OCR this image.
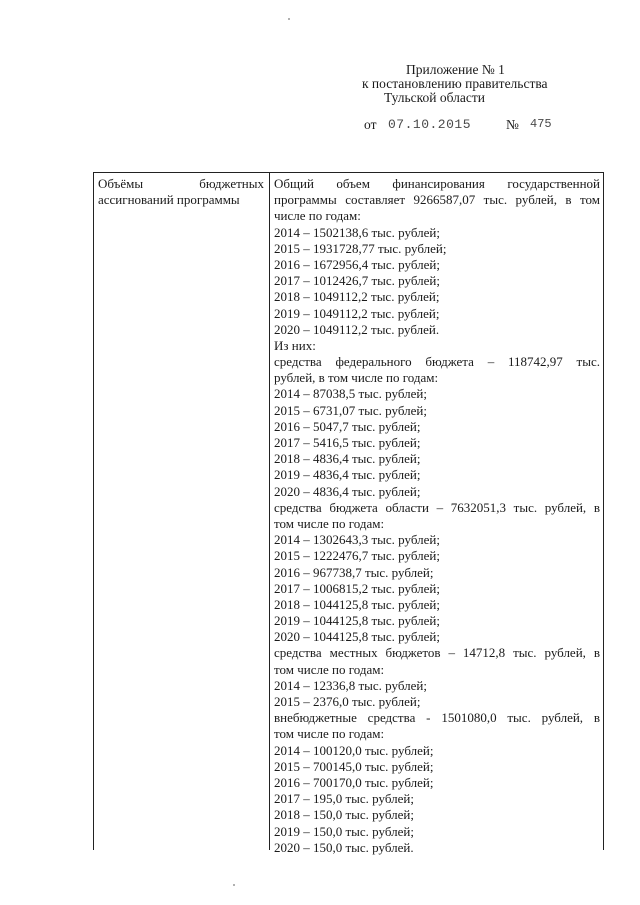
Приложение № 1
к постановлению правительства
Тульской области
от 07.10.2015	№ 475
Объёмы	бюджетных
ассигнований программы
Общий объем финансирования государственной
программы составляет 9266587,07 тыс. рублей, в том
числе по годам:
2014 – 1502138,6 тыс. рублей;
2015 – 1931728,77 тыс. рублей;
2016 – 1672956,4 тыс. рублей;
2017 – 1012426,7 тыс. рублей;
2018 – 1049112,2 тыс. рублей;
2019 – 1049112,2 тыс. рублей;
2020 – 1049112,2 тыс. рублей.
Из них:
средства федерального бюджета – 118742,97 тыс.
рублей, в том числе по годам:
2014 – 87038,5 тыс. рублей;
2015 – 6731,07 тыс. рублей;
2016 – 5047,7 тыс. рублей;
2017 – 5416,5 тыс. рублей;
2018 – 4836,4 тыс. рублей;
2019 – 4836,4 тыс. рублей;
2020 – 4836,4 тыс. рублей;
средства бюджета области – 7632051,3 тыс. рублей, в
том числе по годам:
2014 – 1302643,3 тыс. рублей;
2015 – 1222476,7 тыс. рублей;
2016 – 967738,7 тыс. рублей;
2017 – 1006815,2 тыс. рублей;
2018 – 1044125,8 тыс. рублей;
2019 – 1044125,8 тыс. рублей;
2020 – 1044125,8 тыс. рублей;
средства местных бюджетов – 14712,8 тыс. рублей, в
том числе по годам:
2014 – 12336,8 тыс. рублей;
2015 – 2376,0 тыс. рублей;
внебюджетные средства - 1501080,0 тыс. рублей, в
том числе по годам:
2014 – 100120,0 тыс. рублей;
2015 – 700145,0 тыс. рублей;
2016 – 700170,0 тыс. рублей;
2017 – 195,0 тыс. рублей;
2018 – 150,0 тыс. рублей;
2019 – 150,0 тыс. рублей;
2020 – 150,0 тыс. рублей.
